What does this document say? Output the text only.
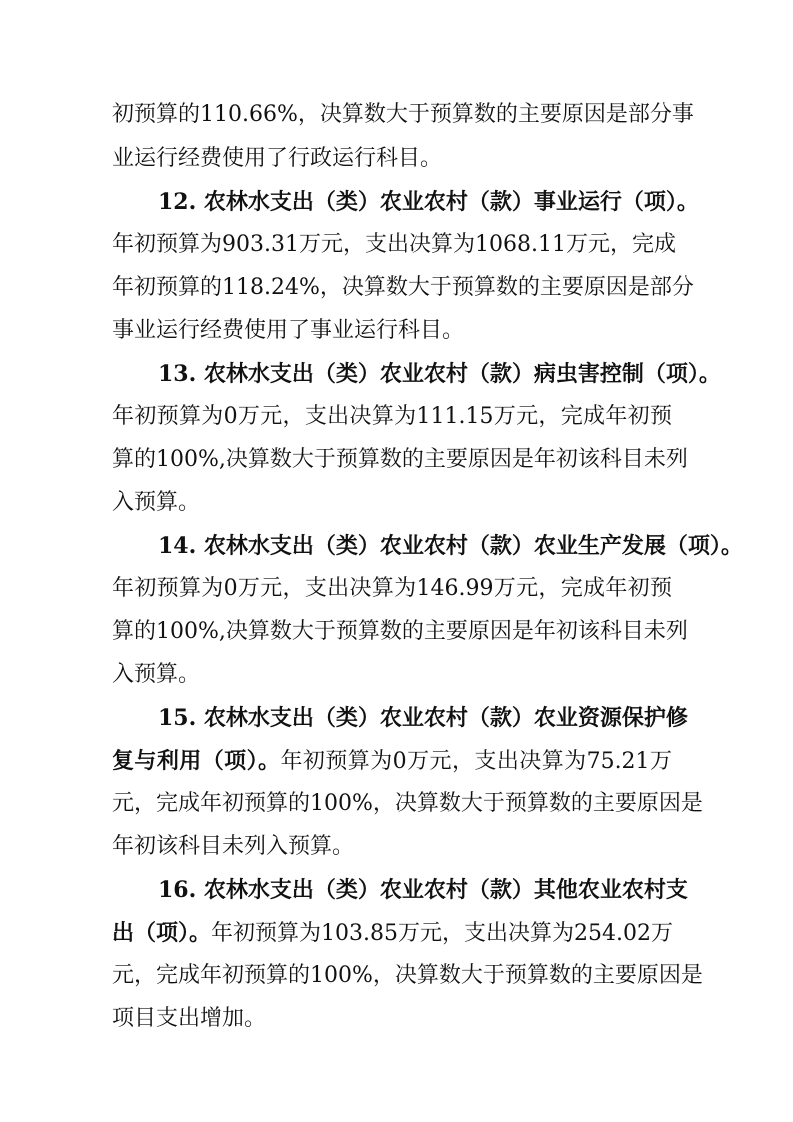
初预算的110.66%，决算数大于预算数的主要原因是部分事
业运行经费使用了行政运行科目。
12. 农林水支出（类）农业农村（款）事业运行（项）。
年初预算为903.31万元，支出决算为1068.11万元，完成
年初预算的118.24%，决算数大于预算数的主要原因是部分
事业运行经费使用了事业运行科目。
13. 农林水支出（类）农业农村（款）病虫害控制（项）。
年初预算为0万元，支出决算为111.15万元，完成年初预
算的100%,决算数大于预算数的主要原因是年初该科目未列
入预算。
14. 农林水支出（类）农业农村（款）农业生产发展（项）。
年初预算为0万元，支出决算为146.99万元，完成年初预
算的100%,决算数大于预算数的主要原因是年初该科目未列
入预算。
15. 农林水支出（类）农业农村（款）农业资源保护修
复与利用（项）。年初预算为0万元，支出决算为75.21万
元，完成年初预算的100%，决算数大于预算数的主要原因是
年初该科目未列入预算。
16. 农林水支出（类）农业农村（款）其他农业农村支
出（项）。年初预算为103.85万元，支出决算为254.02万
元，完成年初预算的100%，决算数大于预算数的主要原因是
项目支出增加。
